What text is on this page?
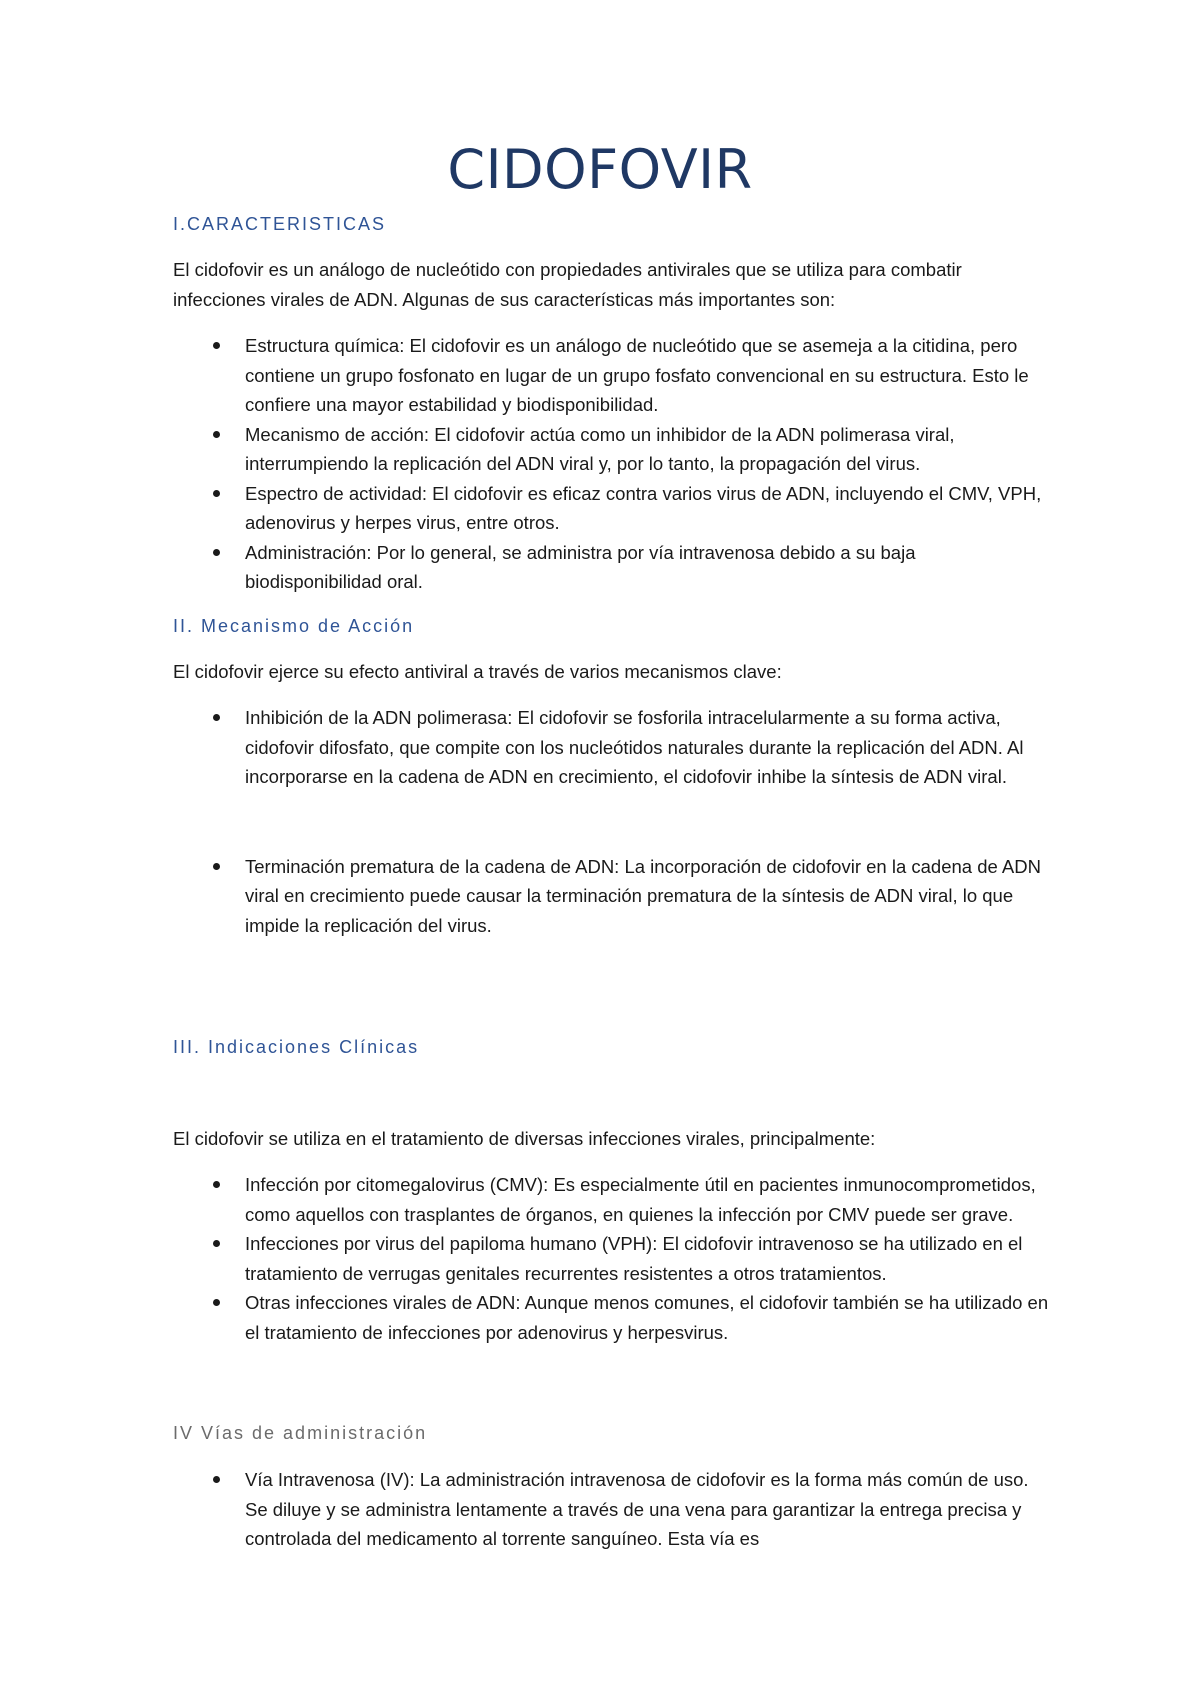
CIDOFOVIR
I.CARACTERISTICAS
El cidofovir es un análogo de nucleótido con propiedades antivirales que se utiliza para combatir infecciones virales de ADN. Algunas de sus características más importantes son:
Estructura química: El cidofovir es un análogo de nucleótido que se asemeja a la citidina, pero contiene un grupo fosfonato en lugar de un grupo fosfato convencional en su estructura. Esto le confiere una mayor estabilidad y biodisponibilidad.
Mecanismo de acción: El cidofovir actúa como un inhibidor de la ADN polimerasa viral, interrumpiendo la replicación del ADN viral y, por lo tanto, la propagación del virus.
Espectro de actividad: El cidofovir es eficaz contra varios virus de ADN, incluyendo el CMV, VPH, adenovirus y herpes virus, entre otros.
Administración: Por lo general, se administra por vía intravenosa debido a su baja biodisponibilidad oral.
II. Mecanismo de Acción
El cidofovir ejerce su efecto antiviral a través de varios mecanismos clave:
Inhibición de la ADN polimerasa: El cidofovir se fosforila intracelularmente a su forma activa, cidofovir difosfato, que compite con los nucleótidos naturales durante la replicación del ADN. Al incorporarse en la cadena de ADN en crecimiento, el cidofovir inhibe la síntesis de ADN viral.
Terminación prematura de la cadena de ADN: La incorporación de cidofovir en la cadena de ADN viral en crecimiento puede causar la terminación prematura de la síntesis de ADN viral, lo que impide la replicación del virus.
III. Indicaciones Clínicas
El cidofovir se utiliza en el tratamiento de diversas infecciones virales, principalmente:
Infección por citomegalovirus (CMV): Es especialmente útil en pacientes inmunocomprometidos, como aquellos con trasplantes de órganos, en quienes la infección por CMV puede ser grave.
Infecciones por virus del papiloma humano (VPH): El cidofovir intravenoso se ha utilizado en el tratamiento de verrugas genitales recurrentes resistentes a otros tratamientos.
Otras infecciones virales de ADN: Aunque menos comunes, el cidofovir también se ha utilizado en el tratamiento de infecciones por adenovirus y herpesvirus.
IV Vías de administración
Vía Intravenosa (IV): La administración intravenosa de cidofovir es la forma más común de uso. Se diluye y se administra lentamente a través de una vena para garantizar la entrega precisa y controlada del medicamento al torrente sanguíneo. Esta vía es
